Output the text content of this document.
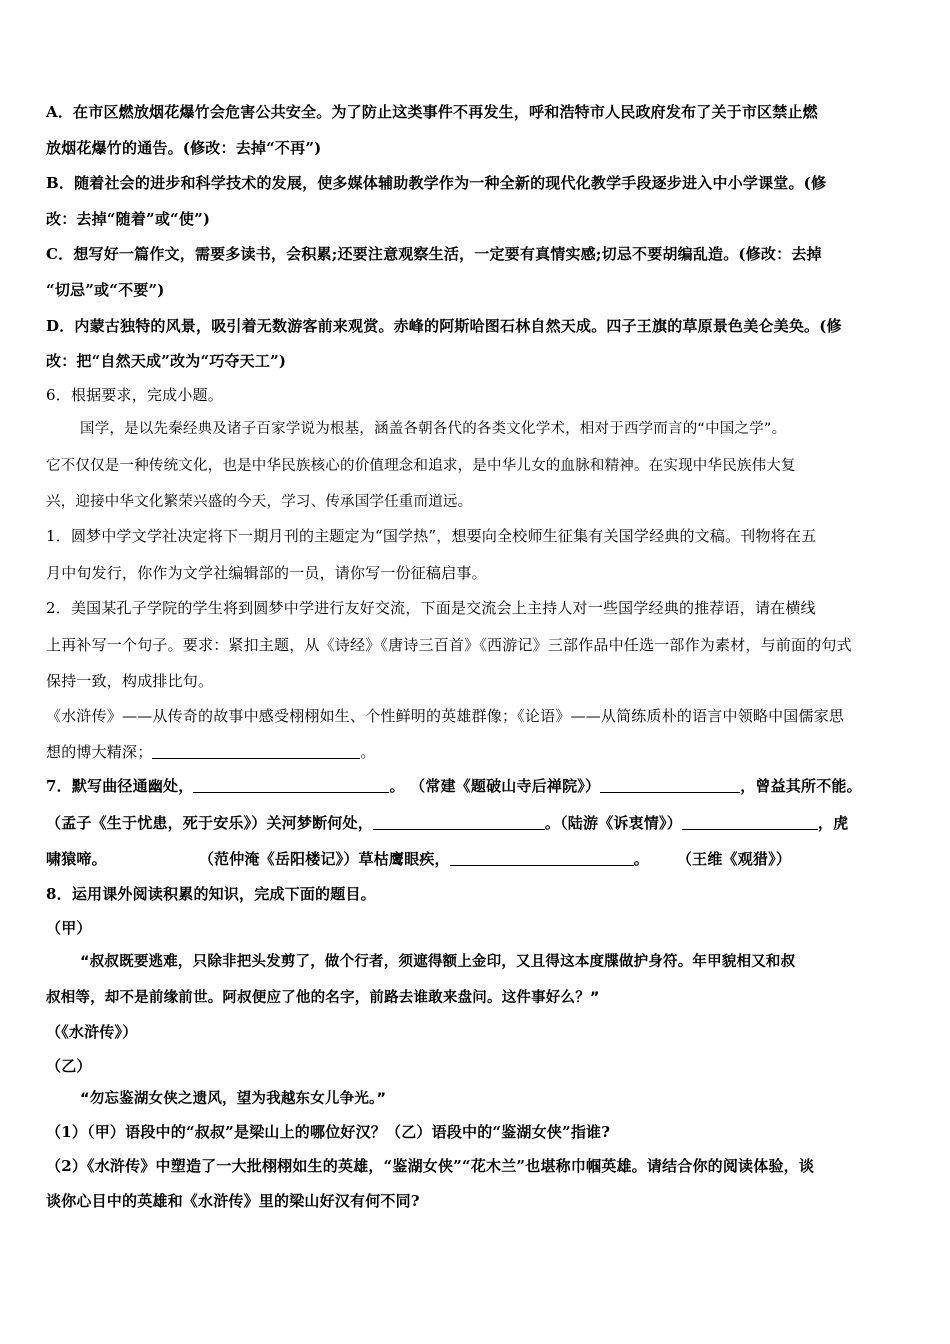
A．在市区燃放烟花爆竹会危害公共安全。为了防止这类事件不再发生，呼和浩特市人民政府发布了关于市区禁止燃
放烟花爆竹的通告。(修改：去掉“不再”)
B．随着社会的进步和科学技术的发展，使多媒体辅助教学作为一种全新的现代化教学手段逐步进入中小学课堂。(修
改：去掉“随着”或“使”)
C．想写好一篇作文，需要多读书，会积累;还要注意观察生活，一定要有真情实感;切忌不要胡编乱造。(修改：去掉
“切忌”或“不要”)
D．内蒙古独特的风景，吸引着无数游客前来观赏。赤峰的阿斯哈图石林自然天成。四子王旗的草原景色美仑美奂。(修
改：把“自然天成”改为“巧夺天工”)
6．根据要求，完成小题。
国学，是以先秦经典及诸子百家学说为根基，涵盖各朝各代的各类文化学术，相对于西学而言的“中国之学”。
它不仅仅是一种传统文化，也是中华民族核心的价值理念和追求，是中华儿女的血脉和精神。在实现中华民族伟大复
兴，迎接中华文化繁荣兴盛的今天，学习、传承国学任重而道远。
1．圆梦中学文学社决定将下一期月刊的主题定为“国学热”，想要向全校师生征集有关国学经典的文稿。刊物将在五
月中旬发行，你作为文学社编辑部的一员，请你写一份征稿启事。
2．美国某孔子学院的学生将到圆梦中学进行友好交流，下面是交流会上主持人对一些国学经典的推荐语，请在横线
上再补写一个句子。要求：紧扣主题，从《诗经》《唐诗三百首》《西游记》三部作品中任选一部作为素材，与前面的句式
保持一致，构成排比句。
《水浒传》——从传奇的故事中感受栩栩如生、个性鲜明的英雄群像；《论语》——从简练质朴的语言中领略中国儒家思
想的博大精深；	。
7．默写曲径通幽处，	。 （常建《题破山寺后禅院》）	，曾益其所不能。
（孟子《生于忧患，死于安乐》）关河梦断何处，	。（陆游《诉衷情》）	，虎
啸猿啼。	（范仲淹《岳阳楼记》）草枯鹰眼疾，	。 （王维《观猎》）
8．运用课外阅读积累的知识，完成下面的题目。
（甲）
“叔叔既要逃难，只除非把头发剪了，做个行者，须遮得额上金印，又且得这本度牒做护身符。年甲貌相又和叔
叔相等，却不是前缘前世。阿叔便应了他的名字，前路去谁敢来盘问。这件事好么？”
（《水浒传》）
（乙）
“勿忘鉴湖女侠之遗风，望为我越东女儿争光。”
（1）（甲）语段中的“叔叔”是梁山上的哪位好汉？（乙）语段中的“鉴湖女侠”指谁?
（2）《水浒传》中塑造了一大批栩栩如生的英雄，“鉴湖女侠”“花木兰”也堪称巾帼英雄。请结合你的阅读体验，谈
谈你心目中的英雄和《水浒传》里的梁山好汉有何不同?
